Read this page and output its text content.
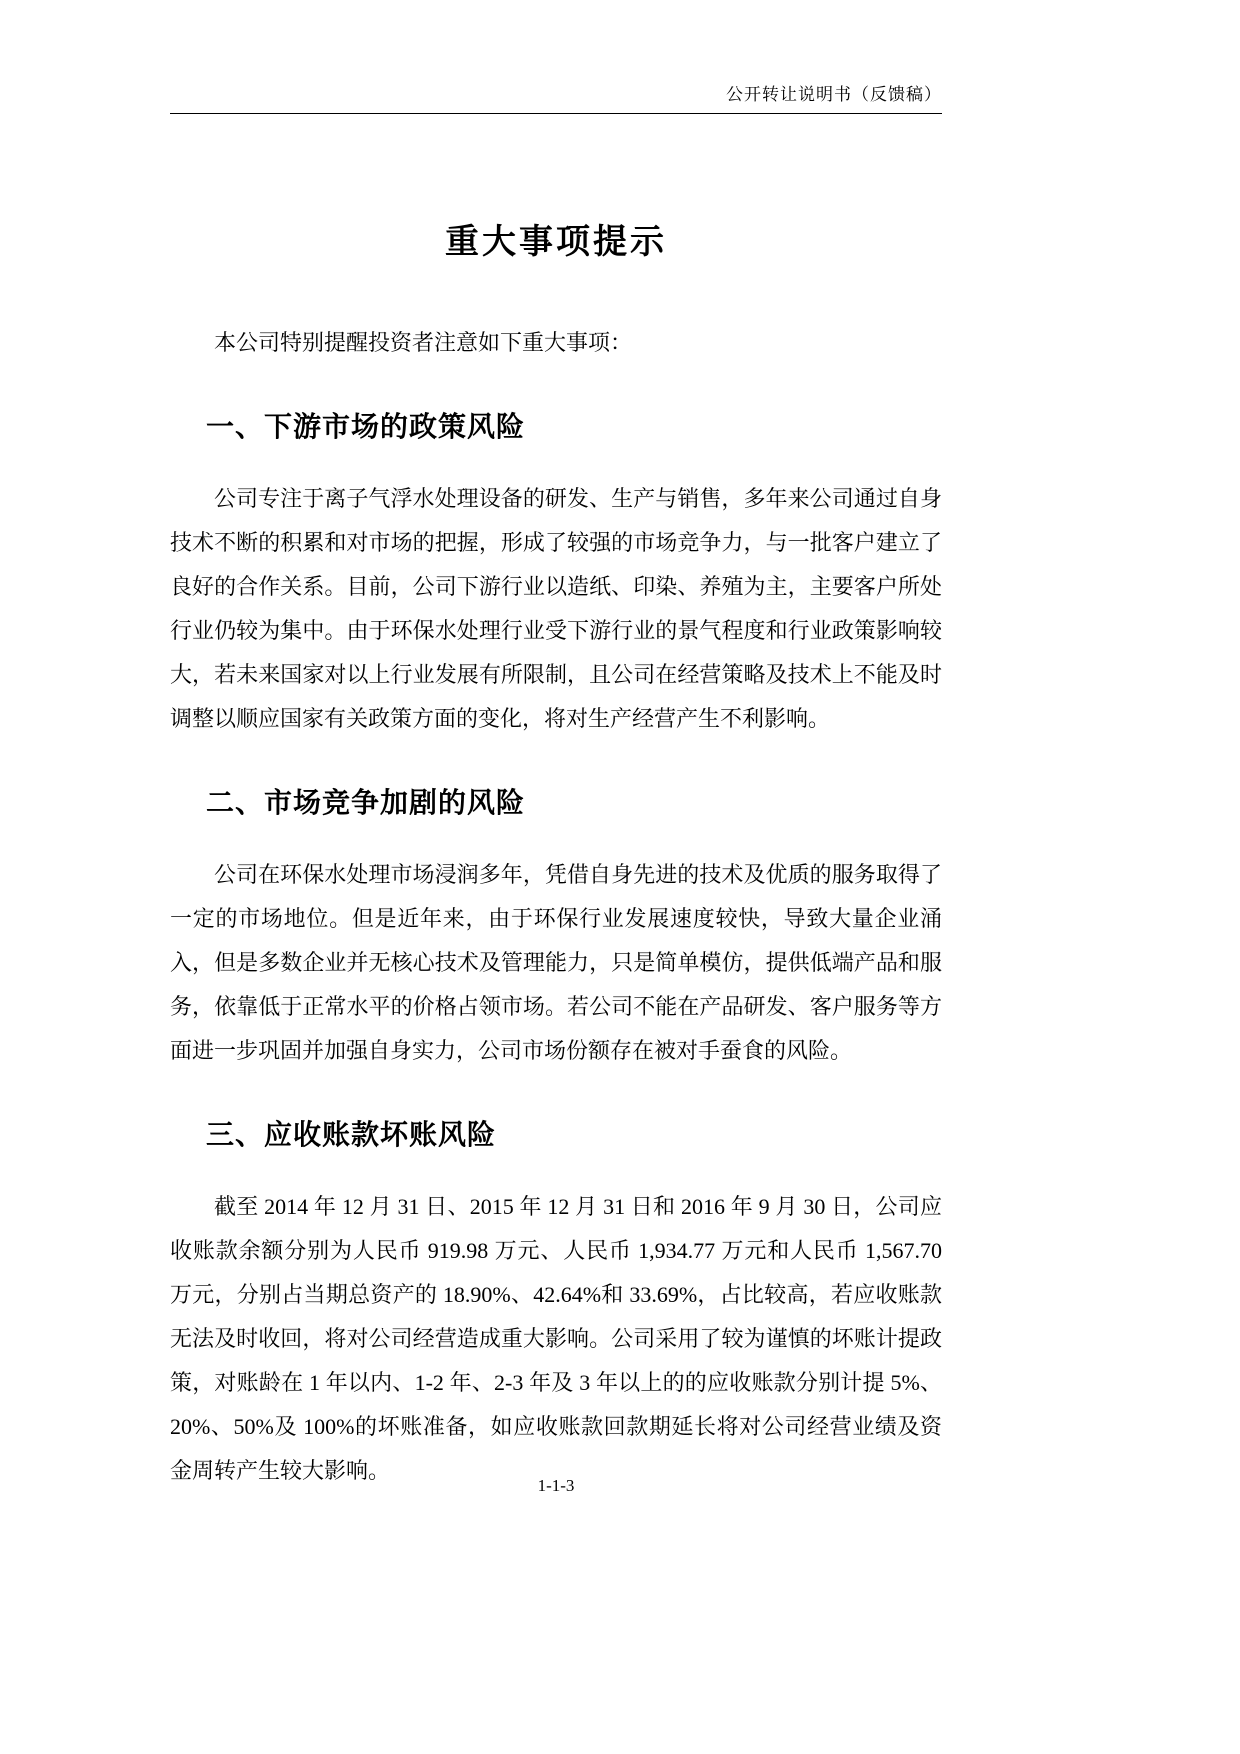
公开转让说明书（反馈稿）
重大事项提示

本公司特别提醒投资者注意如下重大事项：

一、下游市场的政策风险

公司专注于离子气浮水处理设备的研发、生产与销售，多年来公司通过自身技术不断的积累和对市场的把握，形成了较强的市场竞争力，与一批客户建立了良好的合作关系。目前，公司下游行业以造纸、印染、养殖为主，主要客户所处行业仍较为集中。由于环保水处理行业受下游行业的景气程度和行业政策影响较大，若未来国家对以上行业发展有所限制，且公司在经营策略及技术上不能及时调整以顺应国家有关政策方面的变化，将对生产经营产生不利影响。

二、市场竞争加剧的风险

公司在环保水处理市场浸润多年，凭借自身先进的技术及优质的服务取得了一定的市场地位。但是近年来，由于环保行业发展速度较快，导致大量企业涌入，但是多数企业并无核心技术及管理能力，只是简单模仿，提供低端产品和服务，依靠低于正常水平的价格占领市场。若公司不能在产品研发、客户服务等方面进一步巩固并加强自身实力，公司市场份额存在被对手蚕食的风险。

三、应收账款坏账风险

截至 2014 年 12 月 31 日、2015 年 12 月 31 日和 2016 年 9 月 30 日，公司应收账款余额分别为人民币 919.98 万元、人民币 1,934.77 万元和人民币 1,567.70 万元，分别占当期总资产的 18.90%、42.64%和 33.69%，占比较高，若应收账款无法及时收回，将对公司经营造成重大影响。公司采用了较为谨慎的坏账计提政策，对账龄在 1 年以内、1-2 年、2-3 年及 3 年以上的的应收账款分别计提 5%、20%、50%及 100%的坏账准备，如应收账款回款期延长将对公司经营业绩及资金周转产生较大影响。

1-1-3
